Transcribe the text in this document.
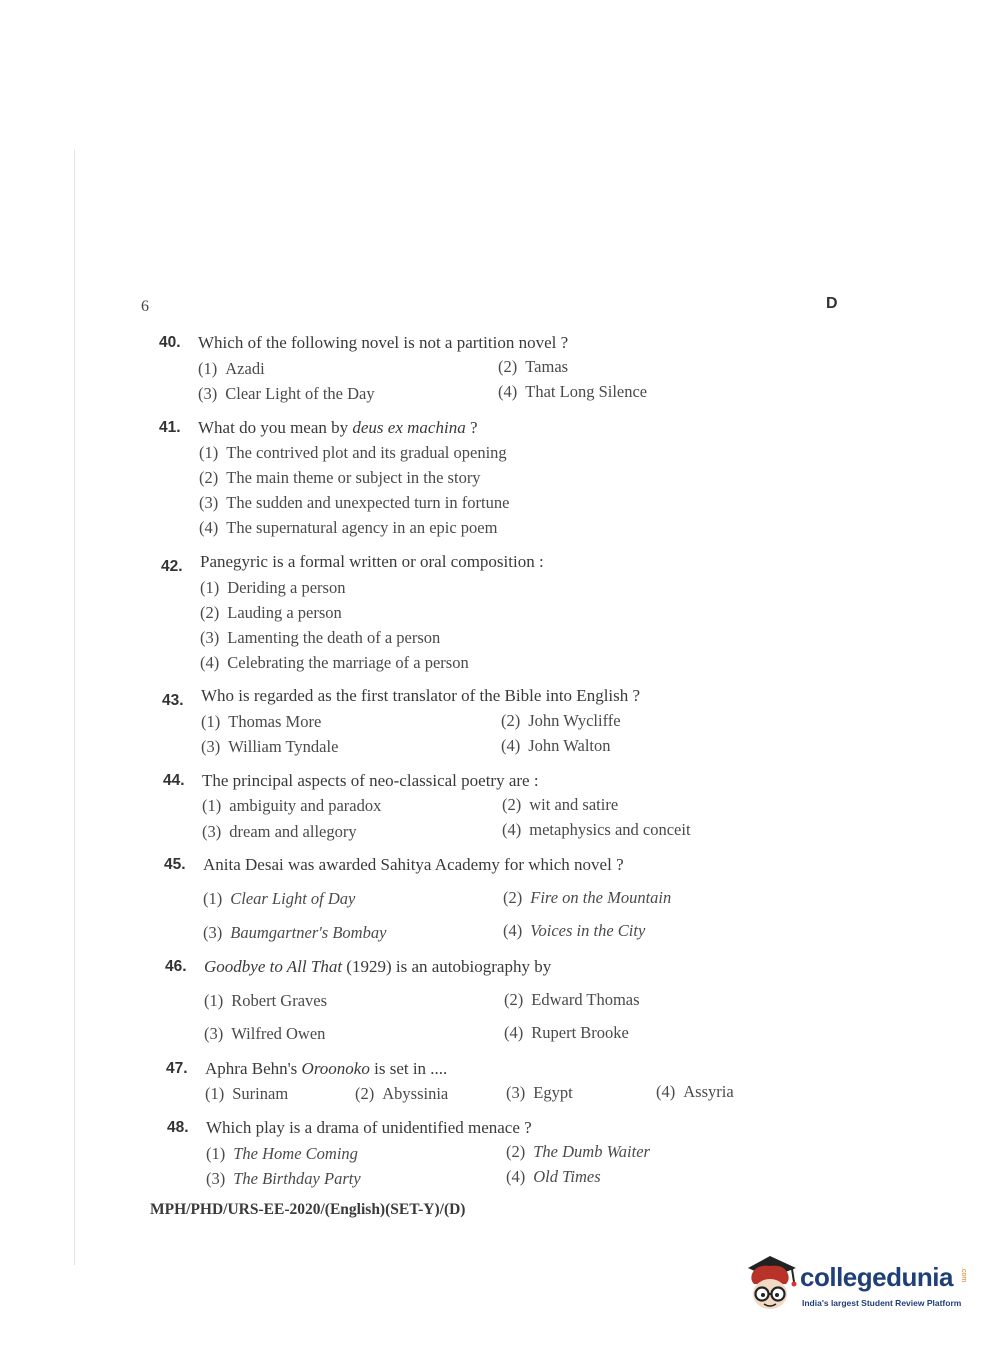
6	D
40. Which of the following novel is not a partition novel ?
(1) Azadi	(2) Tamas
(3) Clear Light of the Day	(4) That Long Silence
41. What do you mean by deus ex machina ?
(1) The contrived plot and its gradual opening
(2) The main theme or subject in the story
(3) The sudden and unexpected turn in fortune
(4) The supernatural agency in an epic poem
42. Panegyric is a formal written or oral composition :
(1) Deriding a person
(2) Lauding a person
(3) Lamenting the death of a person
(4) Celebrating the marriage of a person
43. Who is regarded as the first translator of the Bible into English ?
(1) Thomas More	(2) John Wycliffe
(3) William Tyndale	(4) John Walton
44. The principal aspects of neo-classical poetry are :
(1) ambiguity and paradox	(2) wit and satire
(3) dream and allegory	(4) metaphysics and conceit
45. Anita Desai was awarded Sahitya Academy for which novel ?
(1) Clear Light of Day	(2) Fire on the Mountain
(3) Baumgartner's Bombay	(4) Voices in the City
46. Goodbye to All That (1929) is an autobiography by
(1) Robert Graves	(2) Edward Thomas
(3) Wilfred Owen	(4) Rupert Brooke
47. Aphra Behn's Oroonoko is set in ....
(1) Surinam	(2) Abyssinia	(3) Egypt	(4) Assyria
48. Which play is a drama of unidentified menace ?
(1) The Home Coming	(2) The Dumb Waiter
(3) The Birthday Party	(4) Old Times
MPH/PHD/URS-EE-2020/(English)(SET-Y)/(D)
collegedunia .com
India's largest Student Review Platform
